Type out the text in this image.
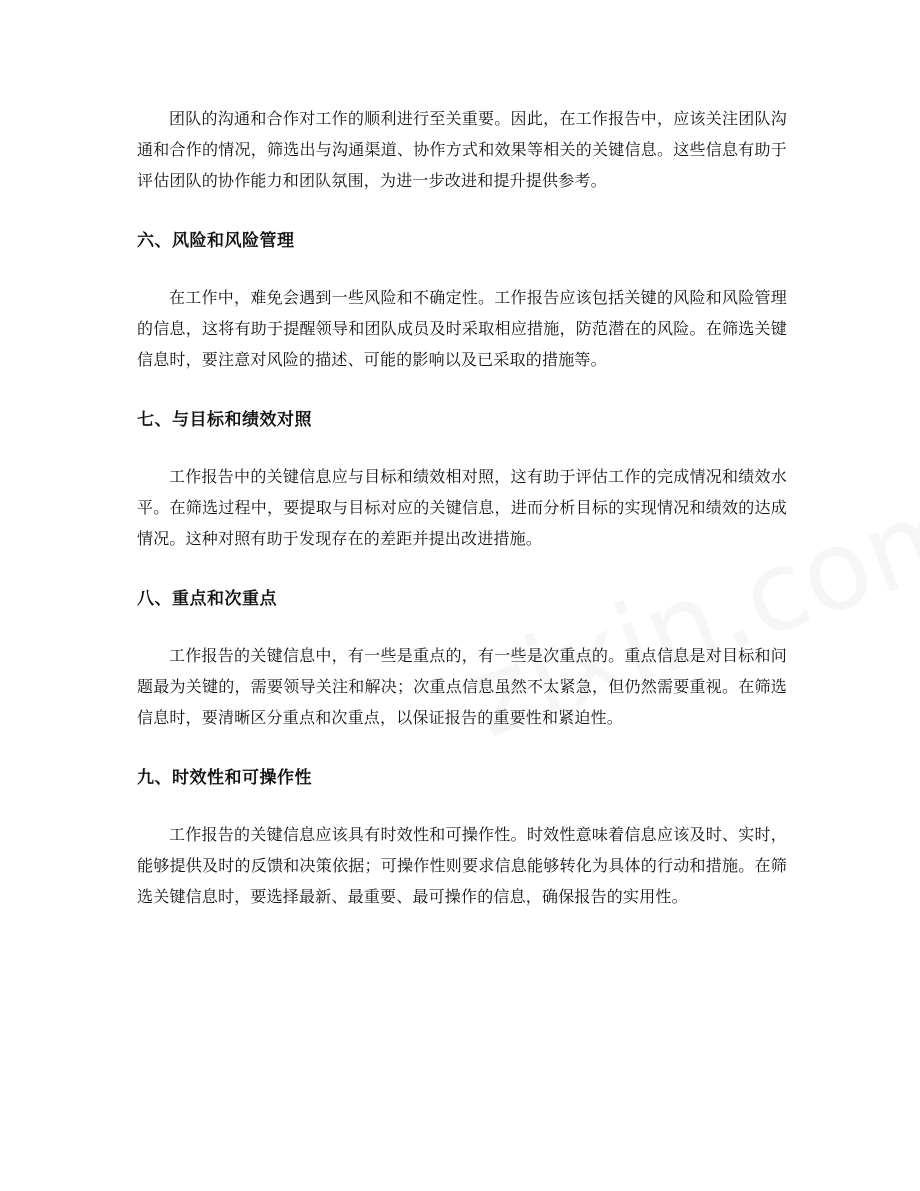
团队的沟通和合作对工作的顺利进行至关重要。因此，在工作报告中，应该关注团队沟通和合作的情况，筛选出与沟通渠道、协作方式和效果等相关的关键信息。这些信息有助于评估团队的协作能力和团队氛围，为进一步改进和提升提供参考。

六、风险和风险管理

在工作中，难免会遇到一些风险和不确定性。工作报告应该包括关键的风险和风险管理的信息，这将有助于提醒领导和团队成员及时采取相应措施，防范潜在的风险。在筛选关键信息时，要注意对风险的描述、可能的影响以及已采取的措施等。

七、与目标和绩效对照

工作报告中的关键信息应与目标和绩效相对照，这有助于评估工作的完成情况和绩效水平。在筛选过程中，要提取与目标对应的关键信息，进而分析目标的实现情况和绩效的达成情况。这种对照有助于发现存在的差距并提出改进措施。

八、重点和次重点

工作报告的关键信息中，有一些是重点的，有一些是次重点的。重点信息是对目标和问题最为关键的，需要领导关注和解决；次重点信息虽然不太紧急，但仍然需要重视。在筛选信息时，要清晰区分重点和次重点，以保证报告的重要性和紧迫性。

九、时效性和可操作性

工作报告的关键信息应该具有时效性和可操作性。时效性意味着信息应该及时、实时，能够提供及时的反馈和决策依据；可操作性则要求信息能够转化为具体的行动和措施。在筛选关键信息时，要选择最新、最重要、最可操作的信息，确保报告的实用性。
